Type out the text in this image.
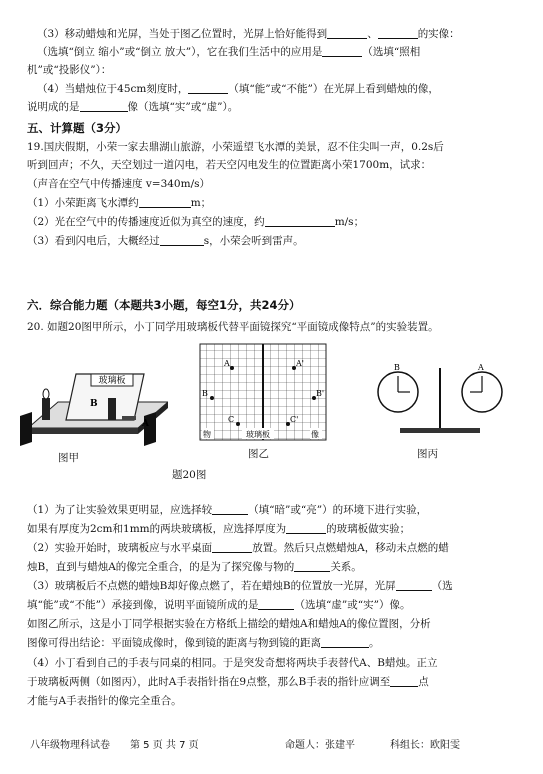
（3）移动蜡烛和光屏，当处于图乙位置时，光屏上恰好能得到	、	的实像：
（选填“倒立 缩小”或“倒立 放大”），它在我们生活中的应用是	（选填“照相
机”或“投影仪”）：
（4）当蜡烛位于45cm刻度时，	（填“能”或“不能”）在光屏上看到蜡烛的像，
说明成的是	像（选填“实”或“虚”）。
五、计算题（3分）
19.国庆假期，小荣一家去鼎湖山旅游，小荣遥望飞水潭的美景，忍不住尖叫一声，0.2s后
听到回声；不久，天空划过一道闪电，若天空闪电发生的位置距离小荣1700m，试求：
（声音在空气中传播速度 v=340m/s）
（1）小荣距离飞水潭约	m；
（2）光在空气中的传播速度近似为真空的速度，约	m/s；
（3）看到闪电后，大概经过	s，小荣会听到雷声。
六．综合能力题（本题共3小题，每空1分，共24分）
20. 如题20图甲所示，小丁同学用玻璃板代替平面镜探究“平面镜成像特点”的实验装置。
玻璃板
B
A
图甲
A	A'
B	B'
C	C'
物	玻璃板	像
图乙
B	A
图丙
题20图
（1）为了让实验效果更明显，应选择较	（填“暗”或“亮”）的环境下进行实验，
如果有厚度为2cm和1mm的两块玻璃板，应选择厚度为	的玻璃板做实验；
（2）实验开始时，玻璃板应与水平桌面	放置。然后只点燃蜡烛A，移动未点燃的蜡
烛B，直到与蜡烛A的像完全重合，的是为了探究像与物的	关系。
（3）玻璃板后不点燃的蜡烛B却好像点燃了，若在蜡烛B的位置放一光屏，光屏	（选
填“能”或“不能”）承接到像，说明平面镜所成的是	（选填“虚”或“实”）像。
如图乙所示，这是小丁同学根据实验在方格纸上描绘的蜡烛A和蜡烛A的像位置图，分析
图像可得出结论：平面镜成像时，像到镜的距离与物到镜的距离	。
（4）小丁看到自己的手表与同桌的相同。于是突发奇想将两块手表替代A、B蜡烛。正立
于玻璃板两侧（如图丙），此时A手表指针指在9点整，那么B手表的指针应调至	点
才能与A手表指针的像完全重合。
八年级物理科试卷 第 5 页 共 7 页	命题人：张建平	科组长：欧阳雯
